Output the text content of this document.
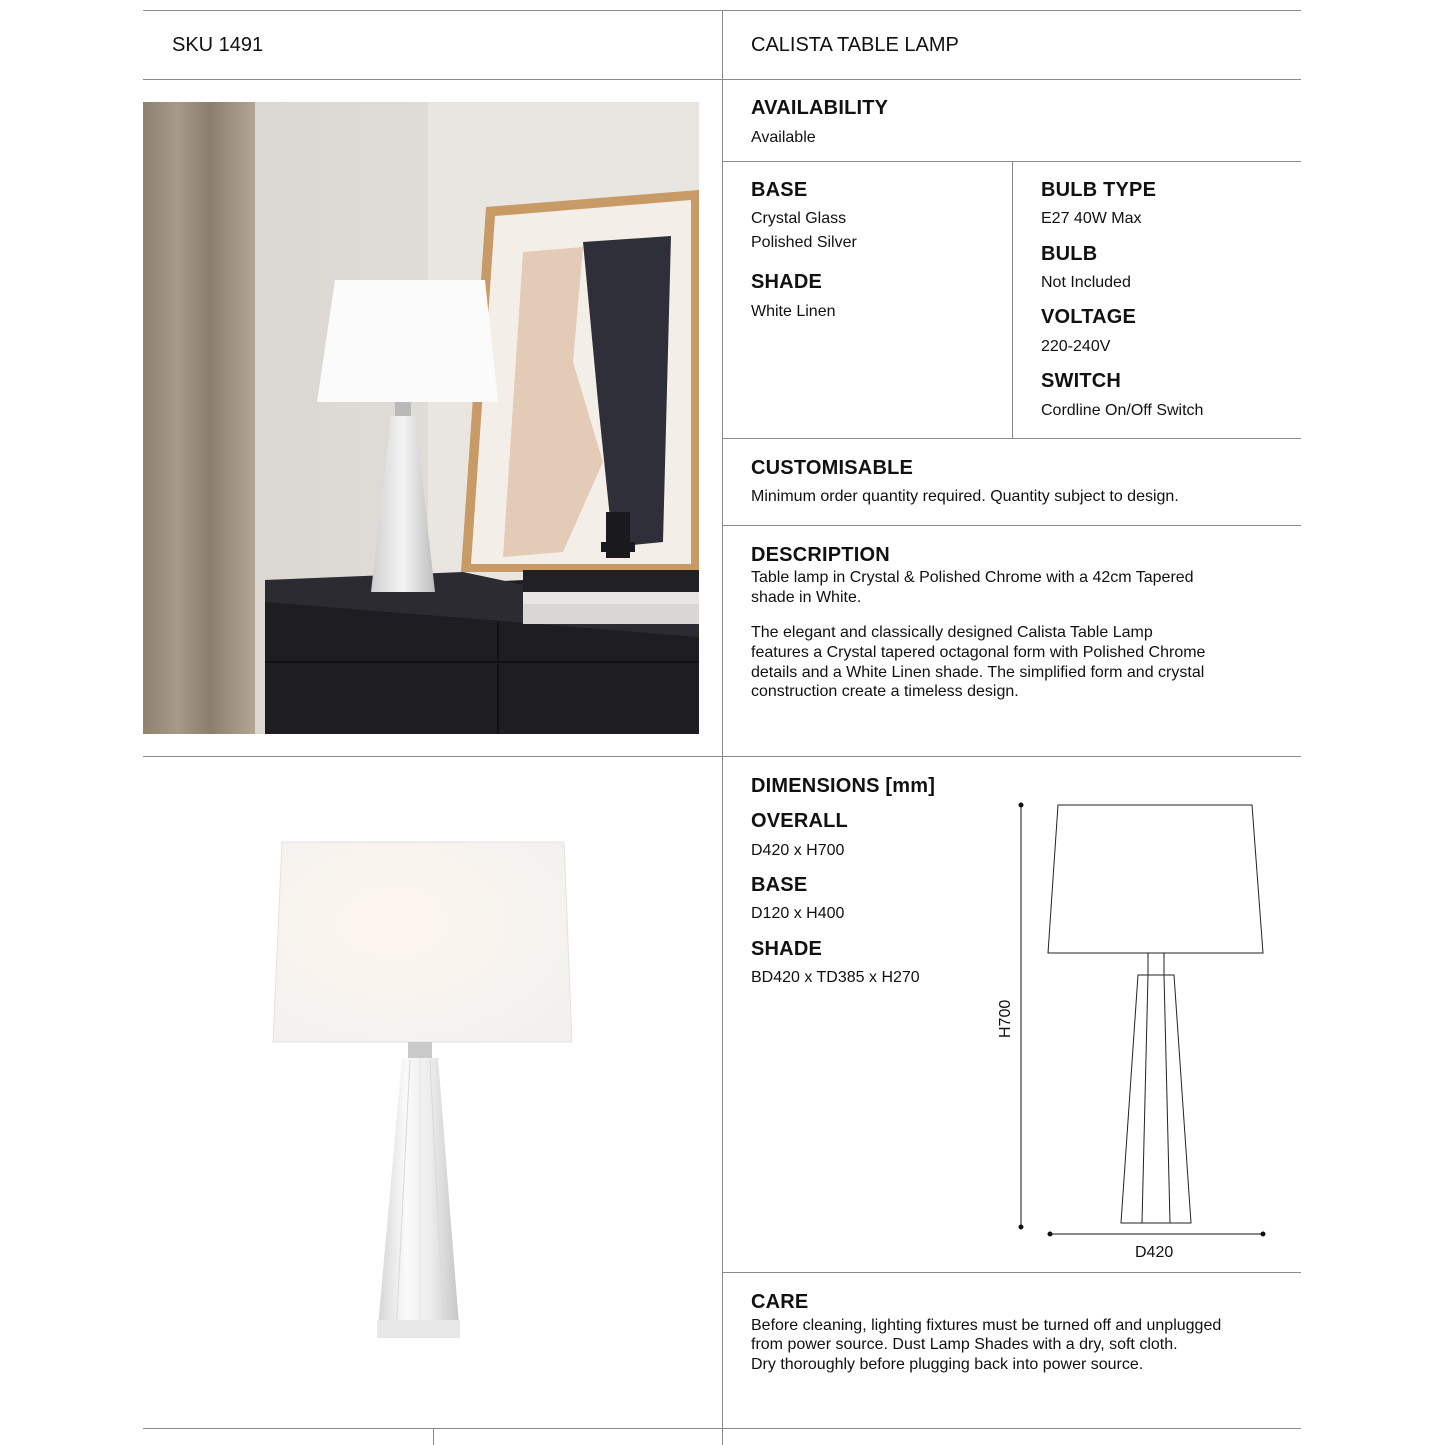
SKU 1491	CALISTA TABLE LAMP
AVAILABILITY
Available
BASE
Crystal Glass
Polished Silver
SHADE
White Linen
BULB TYPE
E27 40W Max
BULB
Not Included
VOLTAGE
220-240V
SWITCH
Cordline On/Off Switch
CUSTOMISABLE
Minimum order quantity required. Quantity subject to design.
DESCRIPTION
Table lamp in Crystal & Polished Chrome with a 42cm Tapered
shade in White.
The elegant and classically designed Calista Table Lamp
features a Crystal tapered octagonal form with Polished Chrome
details and a White Linen shade. The simplified form and crystal
construction create a timeless design.
DIMENSIONS [mm]
OVERALL
D420 x H700
BASE
D120 x H400
SHADE
BD420 x TD385 x H270
H700
D420
CARE
Before cleaning, lighting fixtures must be turned off and unplugged
from power source. Dust Lamp Shades with a dry, soft cloth.
Dry thoroughly before plugging back into power source.
